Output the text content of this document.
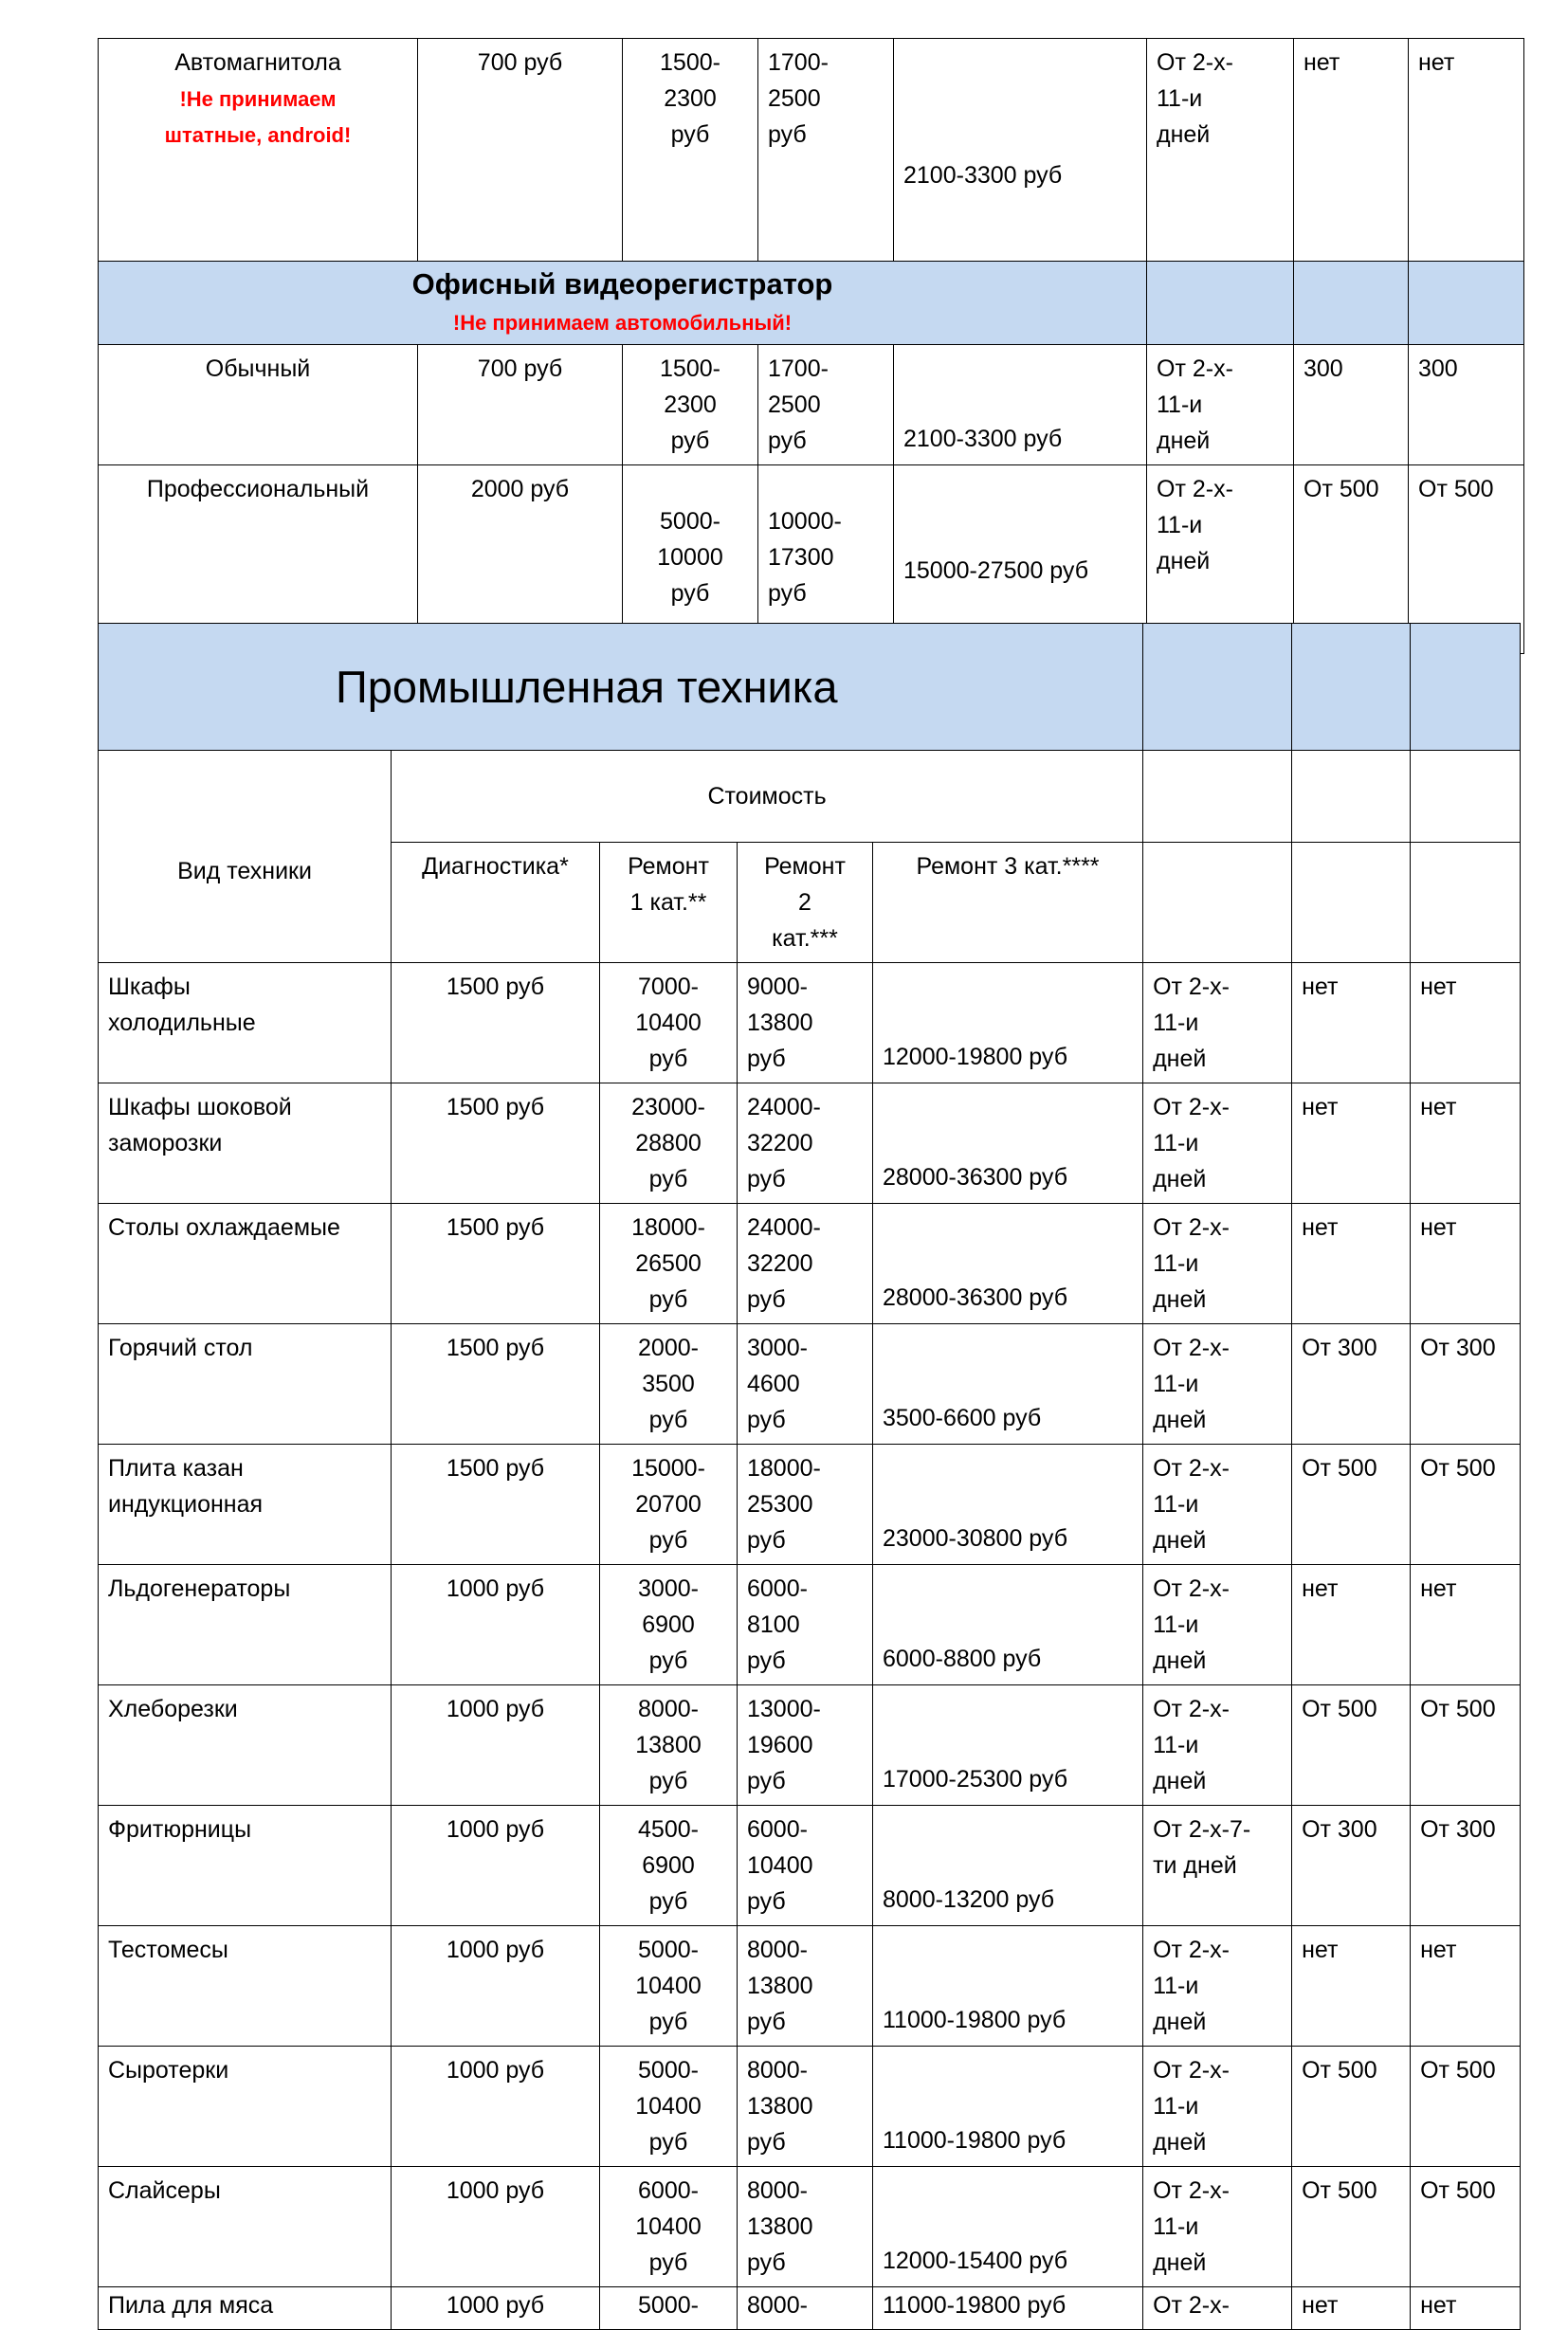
Автомагнитола
!Не принимаем
штатные, android!	700 руб	1500-
2300
руб	1700-
2500
руб	2100-3300 руб	От 2-х-
11-и
дней	нет	нет
Офисный видеорегистратор
!Не принимаем автомобильный!							
Обычный	700 руб	1500-
2300
руб	1700-
2500
руб	2100-3300 руб	От 2-х-
11-и
дней	300	300
Профессиональный	2000 руб	5000-
10000
руб	10000-
17300
руб	15000-27500 руб	От 2-х-
11-и
дней	От 500	От 500
Промышленная техника							
Вид техники	Стоимость						
	Диагностика*	Ремонт
1 кат.**	Ремонт
2
кат.***	Ремонт 3 кат.****			
Шкафы
холодильные	1500 руб	7000-
10400
руб	9000-
13800
руб	12000-19800 руб	От 2-х-
11-и
дней	нет	нет
Шкафы шоковой
заморозки	1500 руб	23000-
28800
руб	24000-
32200
руб	28000-36300 руб	От 2-х-
11-и
дней	нет	нет
Столы охлаждаемые	1500 руб	18000-
26500
руб	24000-
32200
руб	28000-36300 руб	От 2-х-
11-и
дней	нет	нет
Горячий стол	1500 руб	2000-
3500
руб	3000-
4600
руб	3500-6600 руб	От 2-х-
11-и
дней	От 300	От 300
Плита казан
индукционная	1500 руб	15000-
20700
руб	18000-
25300
руб	23000-30800 руб	От 2-х-
11-и
дней	От 500	От 500
Льдогенераторы	1000 руб	3000-
6900
руб	6000-
8100
руб	6000-8800 руб	От 2-х-
11-и
дней	нет	нет
Хлеборезки	1000 руб	8000-
13800
руб	13000-
19600
руб	17000-25300 руб	От 2-х-
11-и
дней	От 500	От 500
Фритюрницы	1000 руб	4500-
6900
руб	6000-
10400
руб	8000-13200 руб	От 2-х-7-
ти дней	От 300	От 300
Тестомесы	1000 руб	5000-
10400
руб	8000-
13800
руб	11000-19800 руб	От 2-х-
11-и
дней	нет	нет
Сыротерки	1000 руб	5000-
10400
руб	8000-
13800
руб	11000-19800 руб	От 2-х-
11-и
дней	От 500	От 500
Слайсеры	1000 руб	6000-
10400
руб	8000-
13800
руб	12000-15400 руб	От 2-х-
11-и
дней	От 500	От 500
Пила для мяса	1000 руб	5000-	8000-	11000-19800 руб	От 2-х-	нет	нет
